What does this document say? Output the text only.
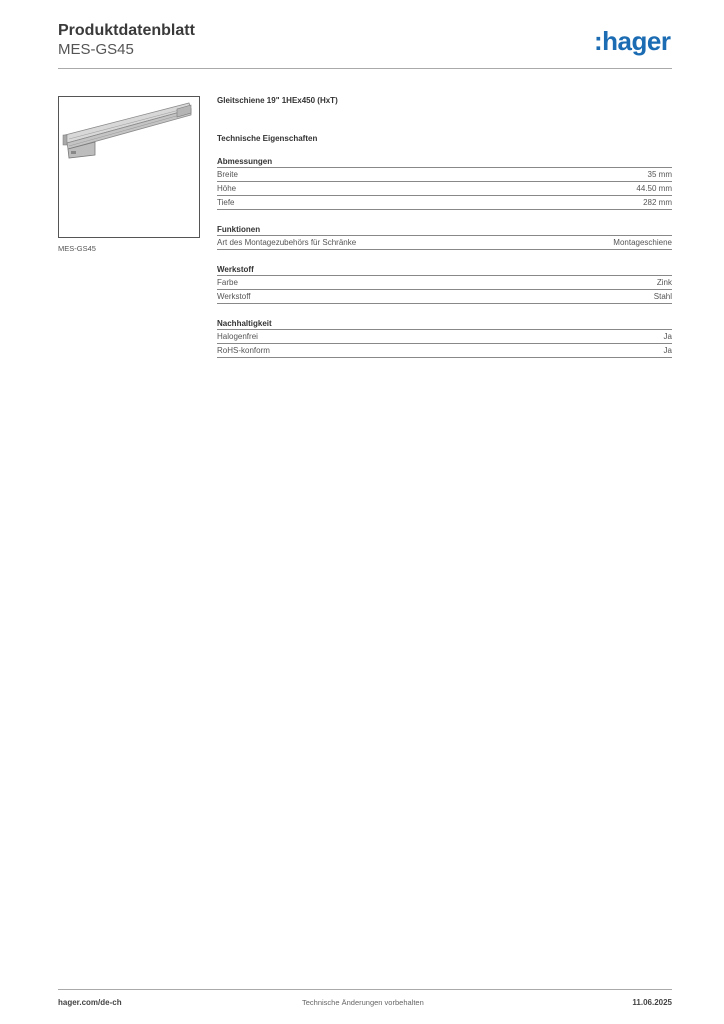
Produktdatenblatt
MES-GS45	:hager
MES-GS45
Gleitschiene 19" 1HEx450 (HxT)
Technische Eigenschaften
Abmessungen
Breite	35 mm
Höhe	44.50 mm
Tiefe	282 mm
Funktionen
Art des Montagezubehörs für Schränke	Montageschiene
Werkstoff
Farbe	Zink
Werkstoff	Stahl
Nachhaltigkeit
Halogenfrei	Ja
RoHS-konform	Ja
hager.com/de-ch	Technische Änderungen vorbehalten	11.06.2025
